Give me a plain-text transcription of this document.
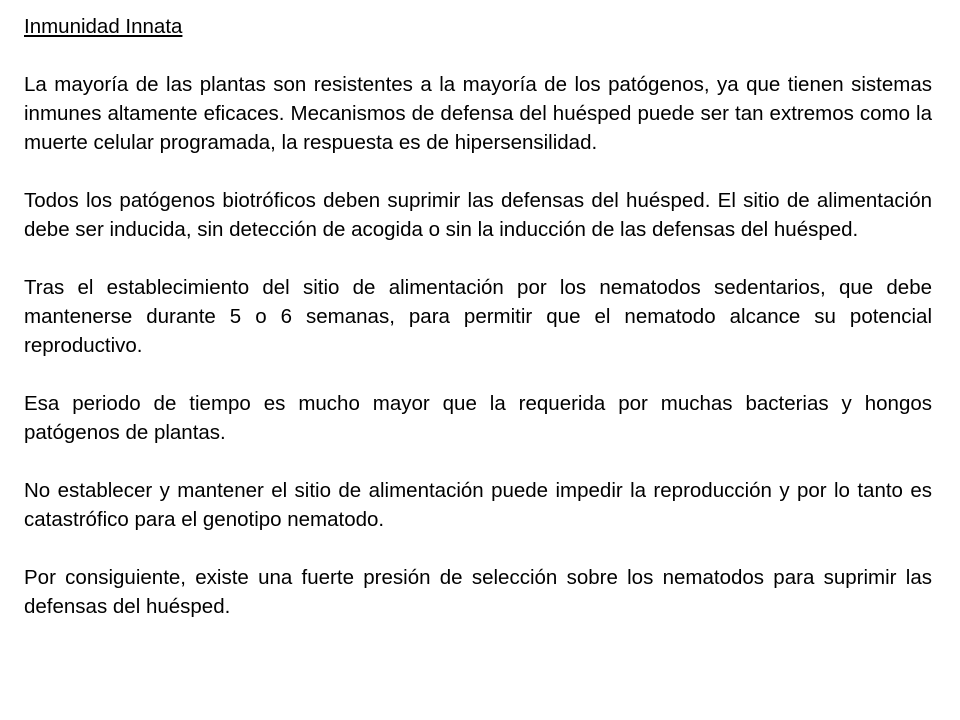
Inmunidad Innata
La mayoría de las plantas son resistentes a la mayoría de los patógenos, ya que tienen sistemas inmunes altamente eficaces. Mecanismos de defensa del huésped puede ser tan extremos como la muerte celular programada, la respuesta es de hipersensilidad.
Todos los patógenos biotróficos deben suprimir las defensas del huésped. El sitio de alimentación debe ser inducida, sin detección de acogida o sin la inducción de las defensas del huésped.
Tras el establecimiento del sitio de alimentación por los nematodos sedentarios, que debe mantenerse durante 5 o 6 semanas, para permitir que el nematodo alcance su potencial reproductivo.
Esa periodo de tiempo es mucho mayor que la requerida por muchas bacterias y hongos patógenos de plantas.
No establecer y mantener el sitio de alimentación puede impedir la reproducción y por lo tanto es catastrófico para el genotipo nematodo.
Por consiguiente, existe una fuerte presión de selección sobre los nematodos para suprimir las defensas del huésped.
